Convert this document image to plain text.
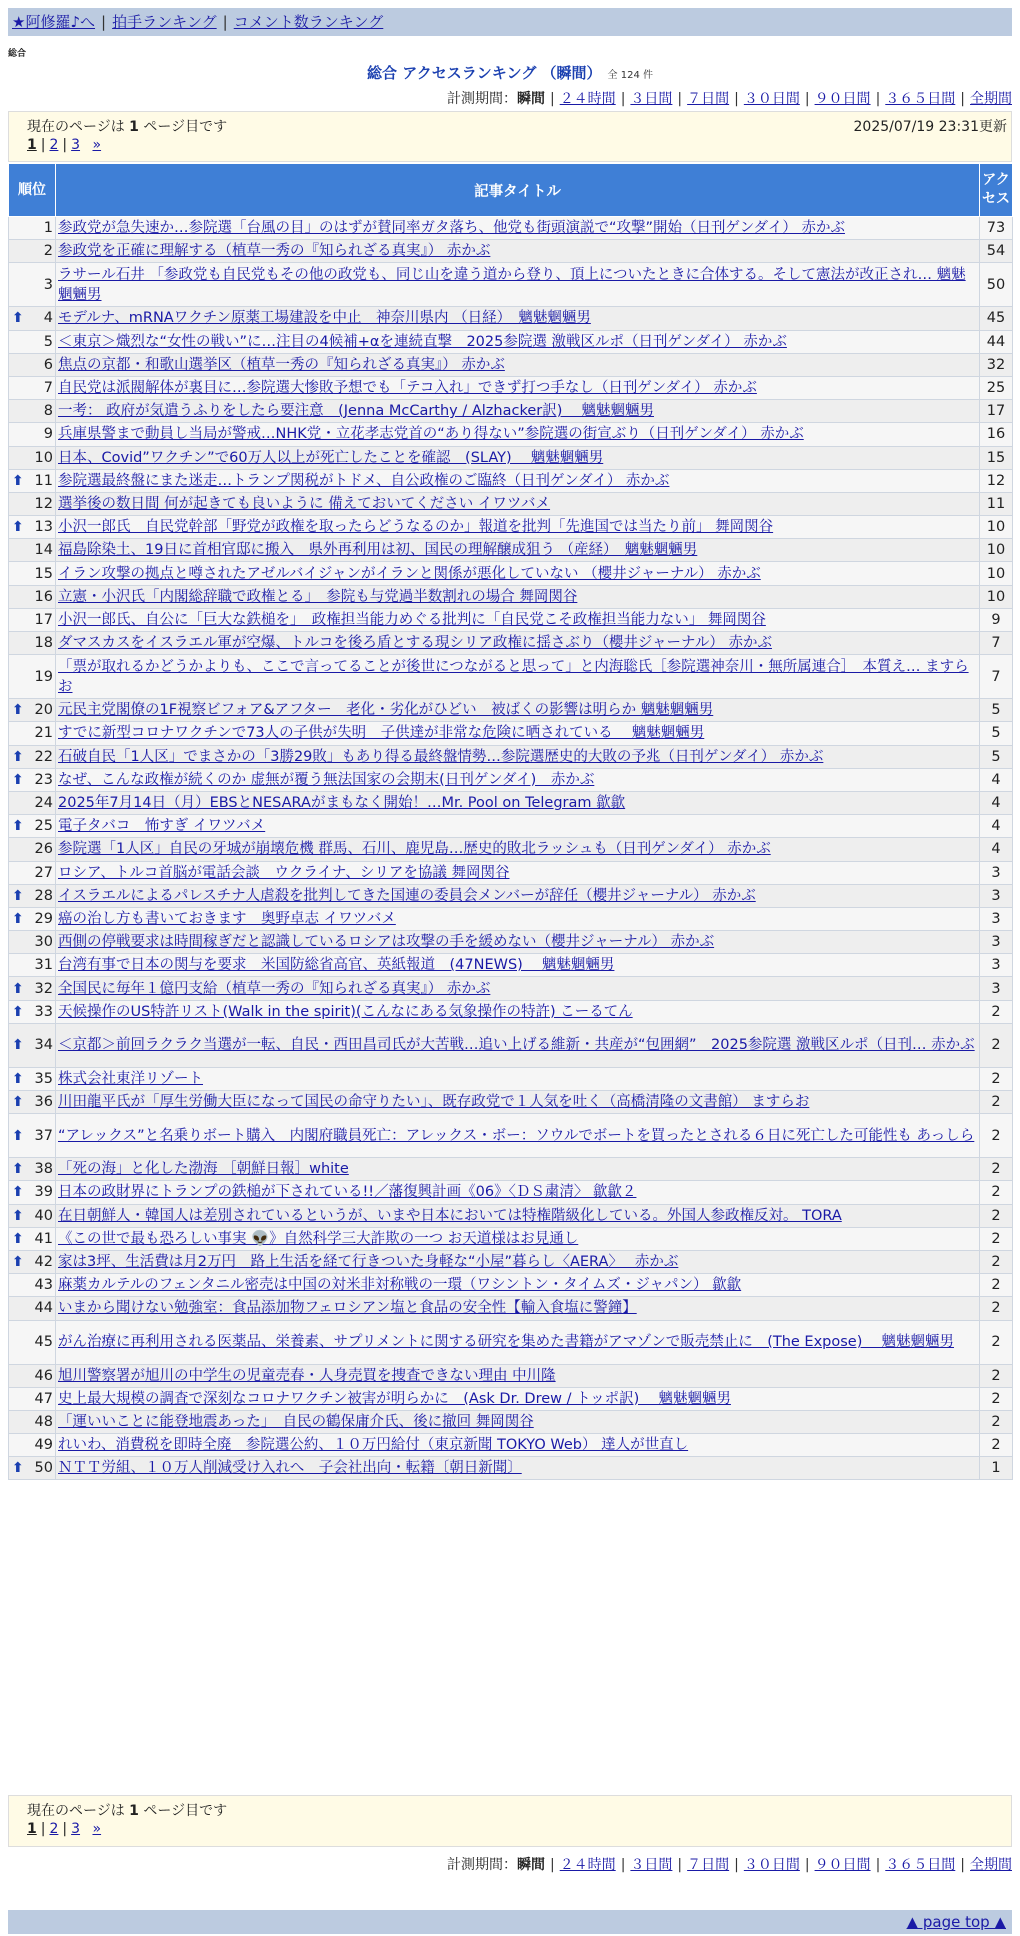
★阿修羅♪へ | 拍手ランキング | コメント数ランキング
総合
総合 アクセスランキング （瞬間） 全 124 件
計測期間：瞬間 | ２４時間 | ３日間 | ７日間 | ３０日間 | ９０日間 | ３６５日間 | 全期間
現在のページは 1 ページ目です	2025/07/19 23:31更新
1 | 2 | 3 »
順位	記事タイトル	アクセス
1	参政党が急失速か…参院選「台風の目」のはずが賛同率ガタ落ち、他党も街頭演説で“攻撃”開始（日刊ゲンダイ） 赤かぶ	73
2	参政党を正確に理解する（植草一秀の『知られざる真実』） 赤かぶ	54
3	ラサール石井 「参政党も自民党もその他の政党も、同じ山を違う道から登り、頂上についたときに合体する。そして憲法が改正され… 魑魅魍魎男	50

⬆ 4	モデルナ、mRNAワクチン原薬工場建設を中止　神奈川県内 （日経）　魑魅魍魎男	45
5	＜東京＞熾烈な“女性の戦い”に…注目の4候補+αを連続直撃　2025参院選 激戦区ルポ（日刊ゲンダイ） 赤かぶ	44
6	焦点の京都・和歌山選挙区（植草一秀の『知られざる真実』） 赤かぶ	32
7	自民党は派閥解体が裏目に…参院選大惨敗予想でも「テコ入れ」できず打つ手なし（日刊ゲンダイ） 赤かぶ	25
8	一考： 政府が気遣うふりをしたら要注意　(Jenna McCarthy / Alzhacker訳)　 魑魅魍魎男	17
9	兵庫県警まで動員し当局が警戒…NHK党・立花孝志党首の“あり得ない”参院選の街宣ぶり（日刊ゲンダイ） 赤かぶ	16
10	日本、Covid”ワクチン”で60万人以上が死亡したことを確認　(SLAY)　 魑魅魍魎男	15

⬆ 11	参院選最終盤にまた迷走…トランプ関税がトドメ、自公政権のご臨終（日刊ゲンダイ） 赤かぶ	12
12	選挙後の数日間 何が起きても良いように 備えておいてください イワツバメ	11

⬆ 13	小沢一郎氏　自民党幹部「野党が政権を取ったらどうなるのか」報道を批判「先進国では当たり前」 舞岡関谷	10
14	福島除染土、19日に首相官邸に搬入　県外再利用は初、国民の理解醸成狙う （産経）　魑魅魍魎男	10
15	イラン攻撃の拠点と噂されたアゼルバイジャンがイランと関係が悪化していない （櫻井ジャーナル） 赤かぶ	10
16	立憲・小沢氏「内閣総辞職で政権とる」　参院も与党過半数割れの場合 舞岡関谷	10
17	小沢一郎氏、自公に「巨大な鉄槌を」　政権担当能力めぐる批判に「自民党こそ政権担当能力ない」 舞岡関谷	9
18	ダマスカスをイスラエル軍が空爆、トルコを後ろ盾とする現シリア政権に揺さぶり（櫻井ジャーナル） 赤かぶ	7
19	「票が取れるかどうかよりも、ここで言ってることが後世につながると思って」と内海聡氏［参院選神奈川・無所属連合］　本質え… ますらお	7

⬆ 20	元民主党閣僚の1F視察ビフォア&アフター　老化・劣化がひどい　被ばくの影響は明らか 魑魅魍魎男	5
21	すでに新型コロナワクチンで73人の子供が失明　子供達が非常な危険に晒されている　 魑魅魍魎男	5

⬆ 22	石破自民「1人区」でまさかの「3勝29敗」もあり得る最終盤情勢…参院選歴史的大敗の予兆（日刊ゲンダイ） 赤かぶ	5

⬆ 23	なぜ、こんな政権が続くのか 虚無が覆う無法国家の会期末(日刊ゲンダイ)　赤かぶ	4
24	2025年7月14日（月）EBSとNESARAがまもなく開始！…Mr. Pool on Telegram 歙歙	4

⬆ 25	電子タバコ　怖すぎ イワツバメ	4
26	参院選「1人区」自民の牙城が崩壊危機 群馬、石川、鹿児島…歴史的敗北ラッシュも（日刊ゲンダイ） 赤かぶ	4
27	ロシア、トルコ首脳が電話会談　ウクライナ、シリアを協議 舞岡関谷	3

⬆ 28	イスラエルによるパレスチナ人虐殺を批判してきた国連の委員会メンバーが辞任（櫻井ジャーナル） 赤かぶ	3

⬆ 29	癌の治し方も書いておきます　奥野卓志 イワツバメ	3
30	西側の停戦要求は時間稼ぎだと認識しているロシアは攻撃の手を緩めない（櫻井ジャーナル） 赤かぶ	3
31	台湾有事で日本の関与を要求　米国防総省高官、英紙報道　(47NEWS)　 魑魅魍魎男	3

⬆ 32	全国民に毎年１億円支給（植草一秀の『知られざる真実』） 赤かぶ	3

⬆ 33	天候操作のUS特許リスト(Walk in the spirit)(こんなにある気象操作の特許) こーるてん	2

⬆ 34	＜京都＞前回ラクラク当選が一転、自民・西田昌司氏が大苦戦…追い上げる維新・共産が“包囲網”　2025参院選 激戦区ルポ（日刊… 赤かぶ	2

⬆ 35	株式会社東洋リゾート	2

⬆ 36	川田龍平氏が「厚生労働大臣になって国民の命守りたい」、既存政党で１人気を吐く（高橋清隆の文書館） ますらお	2

⬆ 37	“アレックス”と名乗りボート購入　内閣府職員死亡：アレックス・ボー：ソウルでボートを買ったとされる６日に死亡した可能性も あっしら	2

⬆ 38	「死の海」と化した渤海 ［朝鮮日報］white	2

⬆ 39	日本の政財界にトランプの鉄槌が下されている!!／藩復興計画《06》〈ＤＳ粛清〉 歙歙２	2

⬆ 40	在日朝鮮人・韓国人は差別されているというが、いまや日本においては特権階級化している。外国人参政権反対。 TORA	2

⬆ 41	《この世で最も恐ろしい事実 👽》自然科学三大詐欺の一つ お天道様はお見通し	2

⬆ 42	家は3坪、生活費は月2万円　路上生活を経て行きついた身軽な“小屋”暮らし〈AERA〉　 赤かぶ	2
43	麻薬カルテルのフェンタニル密売は中国の対米非対称戦の一環（ワシントン・タイムズ・ジャパン） 歙歙	2
44	いまから聞けない勉強室：食品添加物フェロシアン塩と食品の安全性【輸入食塩に警鐘】	2
45	がん治療に再利用される医薬品、栄養素、サプリメントに関する研究を集めた書籍がアマゾンで販売禁止に　(The Expose)　 魑魅魍魎男	2
46	旭川警察署が旭川の中学生の児童売春・人身売買を捜査できない理由 中川隆	2
47	史上最大規模の調査で深刻なコロナワクチン被害が明らかに　(Ask Dr. Drew / トッポ訳)　 魑魅魍魎男	2
48	「運いいことに能登地震あった」　自民の鶴保庸介氏、後に撤回 舞岡関谷	2
49	れいわ、消費税を即時全廃　参院選公約、１０万円給付（東京新聞 TOKYO Web） 達人が世直し	2

⬆ 50	ＮＴＴ労組、１０万人削減受け入れへ　子会社出向・転籍〔朝日新聞〕	1
現在のページは 1 ページ目です
1 | 2 | 3 »
計測期間：瞬間 | ２４時間 | ３日間 | ７日間 | ３０日間 | ９０日間 | ３６５日間 | 全期間
▲ page top ▲
